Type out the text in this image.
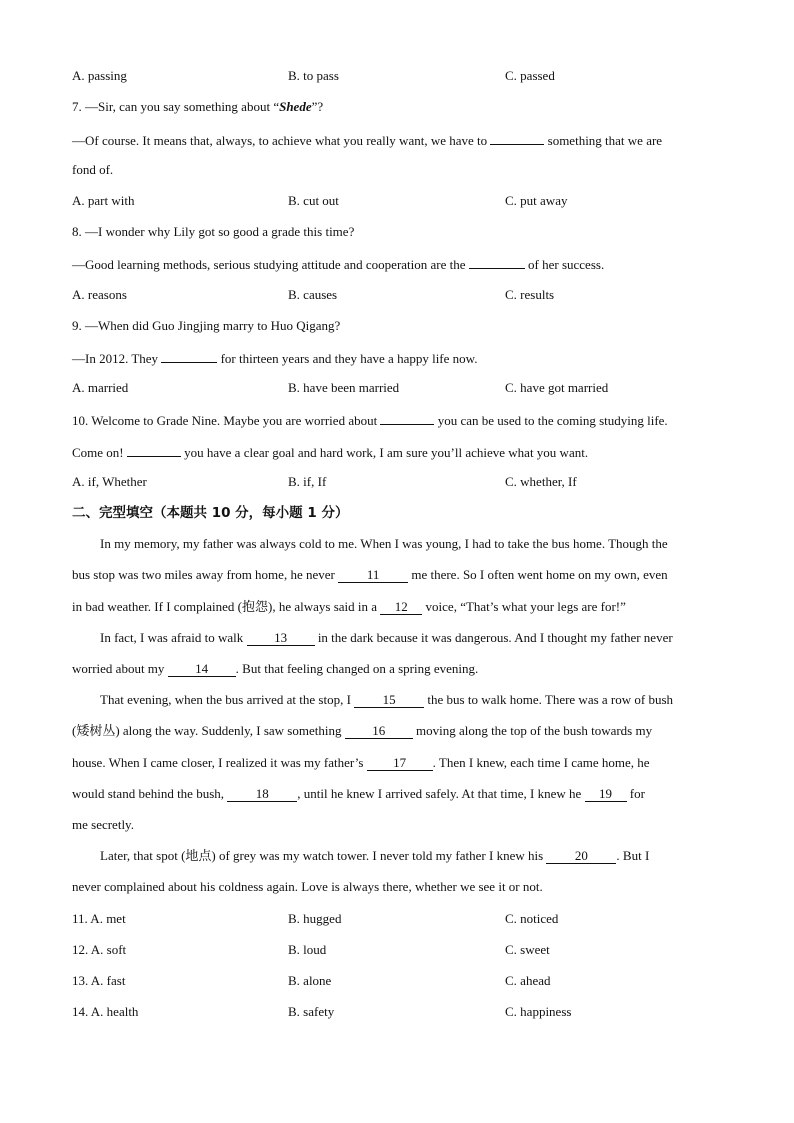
A. passing	B. to pass	C. passed
7. —Sir, can you say something about “Shede”?
—Of course. It means that, always, to achieve what you really want, we have to	something that we are
fond of.
A. part with	B. cut out	C. put away
8. —I wonder why Lily got so good a grade this time?
—Good learning methods, serious studying attitude and cooperation are the	of her success.
A. reasons	B. causes	C. results
9. —When did Guo Jingjing marry to Huo Qigang?
—In 2012. They	for thirteen years and they have a happy life now.
A. married	B. have been married	C. have got married
10. Welcome to Grade Nine. Maybe you are worried about	you can be used to the coming studying life.
Come on!	you have a clear goal and hard work, I am sure you’ll achieve what you want.
A. if, Whether	B. if, If	C. whether, If
二、完型填空（本题共 10 分，每小题 1 分）
In my memory, my father was always cold to me. When I was young, I had to take the bus home. Though the
bus stop was two miles away from home, he never 11 me there. So I often went home on my own, even
in bad weather. If I complained (抱怨), he always said in a 12 voice, “That’s what your legs are for!”
In fact, I was afraid to walk 13 in the dark because it was dangerous. And I thought my father never
worried about my 14 . But that feeling changed on a spring evening.
That evening, when the bus arrived at the stop, I 15 the bus to walk home. There was a row of bush
(矮树丛) along the way. Suddenly, I saw something 16 moving along the top of the bush towards my
house. When I came closer, I realized it was my father’s 17 . Then I knew, each time I came home, he
would stand behind the bush, 18 , until he knew I arrived safely. At that time, I knew he 19 for
me secretly.
Later, that spot (地点) of grey was my watch tower. I never told my father I knew his 20 . But I
never complained about his coldness again. Love is always there, whether we see it or not.
11. A. met	B. hugged	C. noticed
12. A. soft	B. loud	C. sweet
13. A. fast	B. alone	C. ahead
14. A. health	B. safety	C. happiness
